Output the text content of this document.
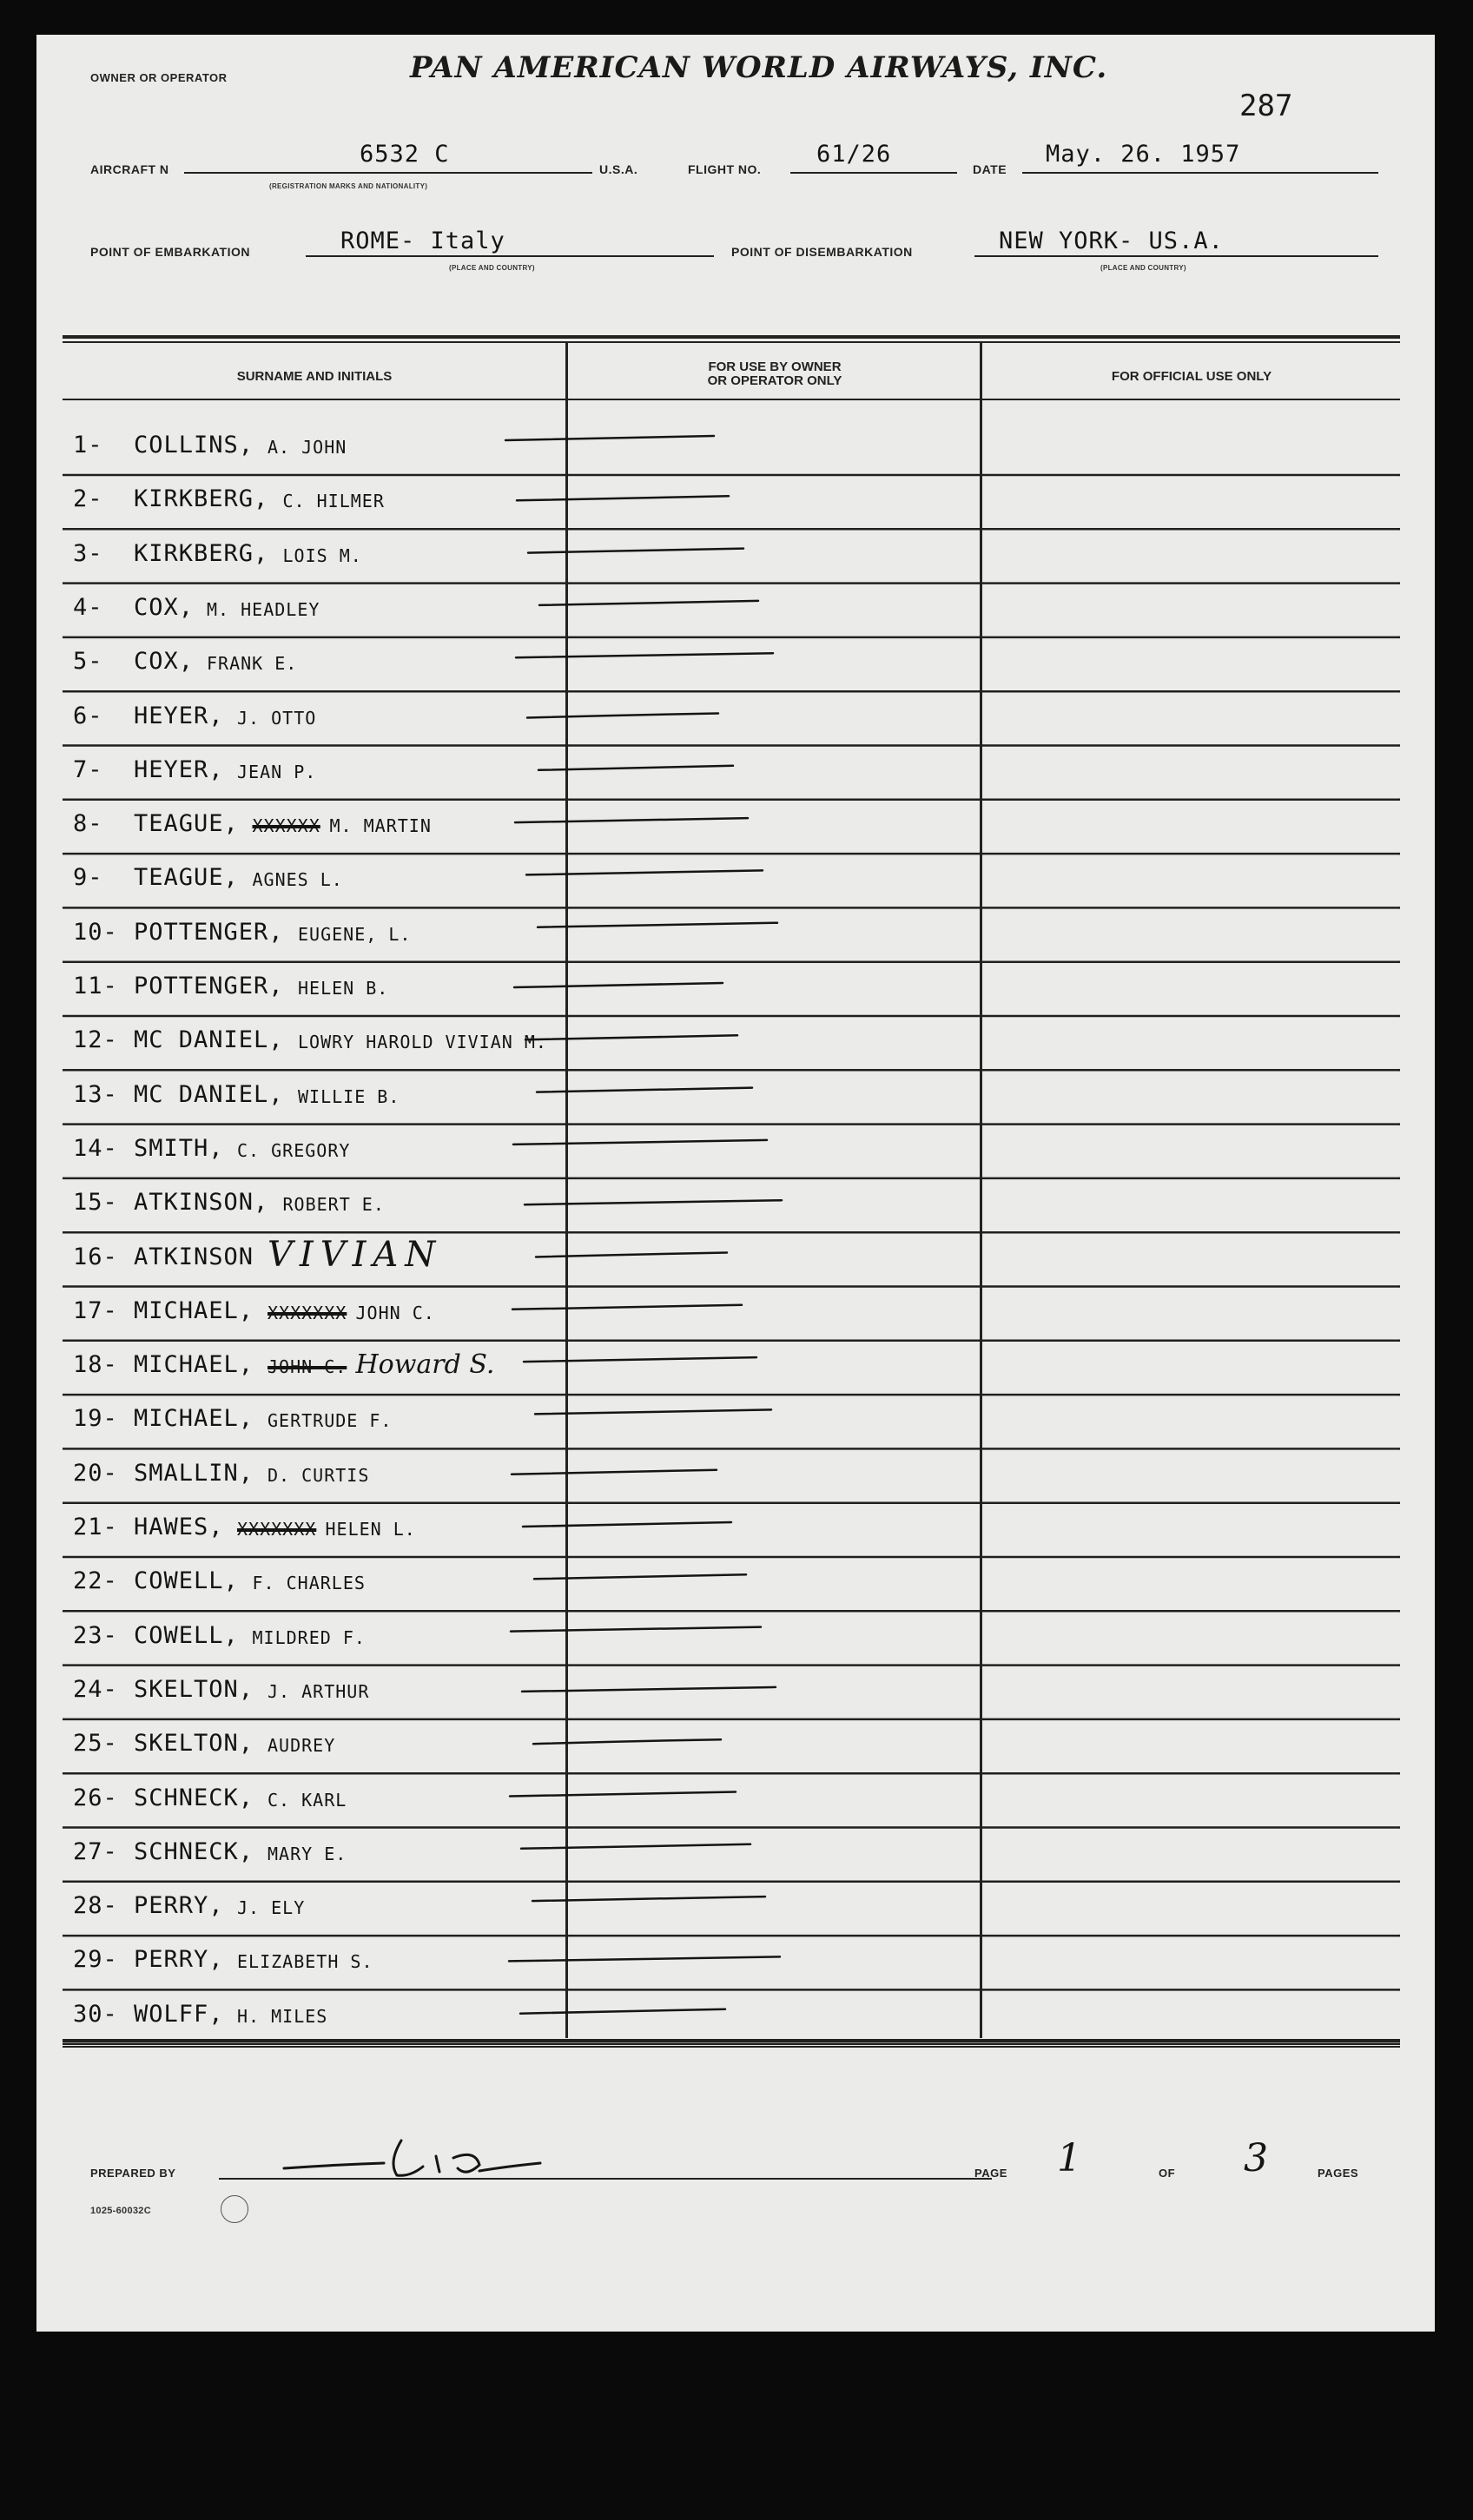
OWNER OR OPERATOR	PAN AMERICAN WORLD AIRWAYS, INC.
287
AIRCRAFT N
6532 C
(REGISTRATION MARKS AND NATIONALITY)
U.S.A.	FLIGHT NO.
61/26
DATE
May. 26. 1957
POINT OF EMBARKATION	ROME- Italy
(PLACE AND COUNTRY)
POINT OF DISEMBARKATION	NEW YORK- US.A.
(PLACE AND COUNTRY)
SURNAME AND INITIALS
FOR USE BY OWNER
OR OPERATOR ONLY	FOR OFFICIAL USE ONLY
1- COLLINS, A. JOHN
2- KIRKBERG, C. HILMER
3- KIRKBERG, LOIS M.
4- COX, M. HEADLEY
5- COX, FRANK E.
6- HEYER, J. OTTO
7- HEYER, JEAN P.
8- TEAGUE, XXXXXX M. MARTIN
9- TEAGUE, AGNES L.
10- POTTENGER, EUGENE, L.
11- POTTENGER, HELEN B.
12- MC DANIEL, LOWRY HAROLD VIVIAN M.
13- MC DANIEL, WILLIE B.
14- SMITH, C. GREGORY
15- ATKINSON, ROBERT E.
16- ATKINSON VIVIAN
17- MICHAEL, XXXXXXX JOHN C.
18- MICHAEL, JOHN C. Howard S.
19- MICHAEL, GERTRUDE F.
20- SMALLIN, D. CURTIS
21- HAWES, XXXXXXX HELEN L.
22- COWELL, F. CHARLES
23- COWELL, MILDRED F.
24- SKELTON, J. ARTHUR
25- SKELTON, AUDREY
26- SCHNECK, C. KARL
27- SCHNECK, MARY E.
28- PERRY, J. ELY
29- PERRY, ELIZABETH S.
30- WOLFF, H. MILES
PREPARED BY
1025-60032C
PAGE 1	OF 3	PAGES
